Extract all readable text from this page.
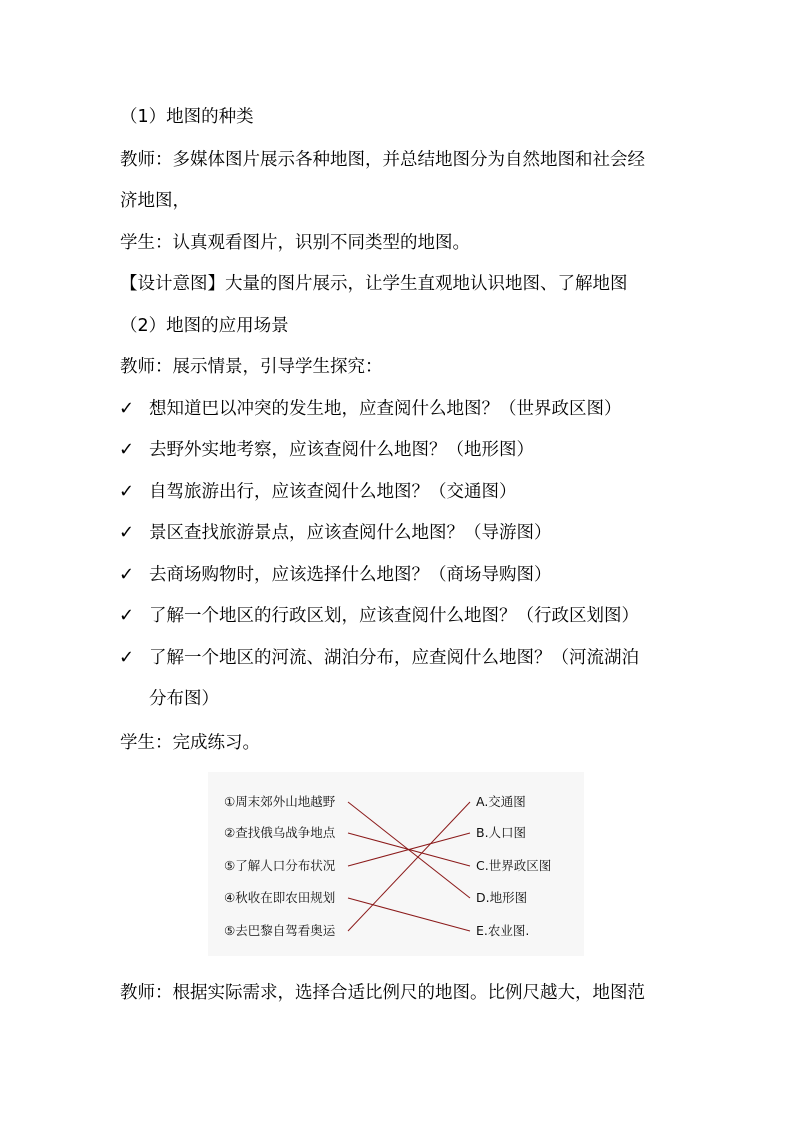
（1）地图的种类
教师：多媒体图片展示各种地图，并总结地图分为自然地图和社会经
济地图，
学生：认真观看图片，识别不同类型的地图。
【设计意图】大量的图片展示，让学生直观地认识地图、了解地图
（2）地图的应用场景
教师：展示情景，引导学生探究：
✓ 想知道巴以冲突的发生地，应查阅什么地图？（世界政区图）
✓ 去野外实地考察，应该查阅什么地图？（地形图）
✓ 自驾旅游出行，应该查阅什么地图？（交通图）
✓ 景区查找旅游景点，应该查阅什么地图？（导游图）
✓ 去商场购物时，应该选择什么地图？（商场导购图）
✓ 了解一个地区的行政区划，应该查阅什么地图？（行政区划图）
✓ 了解一个地区的河流、湖泊分布，应查阅什么地图？（河流湖泊
分布图）
学生：完成练习。
①周末郊外山地越野
②查找俄乌战争地点
⑤了解人口分布状况
④秋收在即农田规划
⑤去巴黎自驾看奥运
A.交通图
B.人口图
C.世界政区图
D.地形图
E.农业图.
教师：根据实际需求，选择合适比例尺的地图。比例尺越大，地图范
